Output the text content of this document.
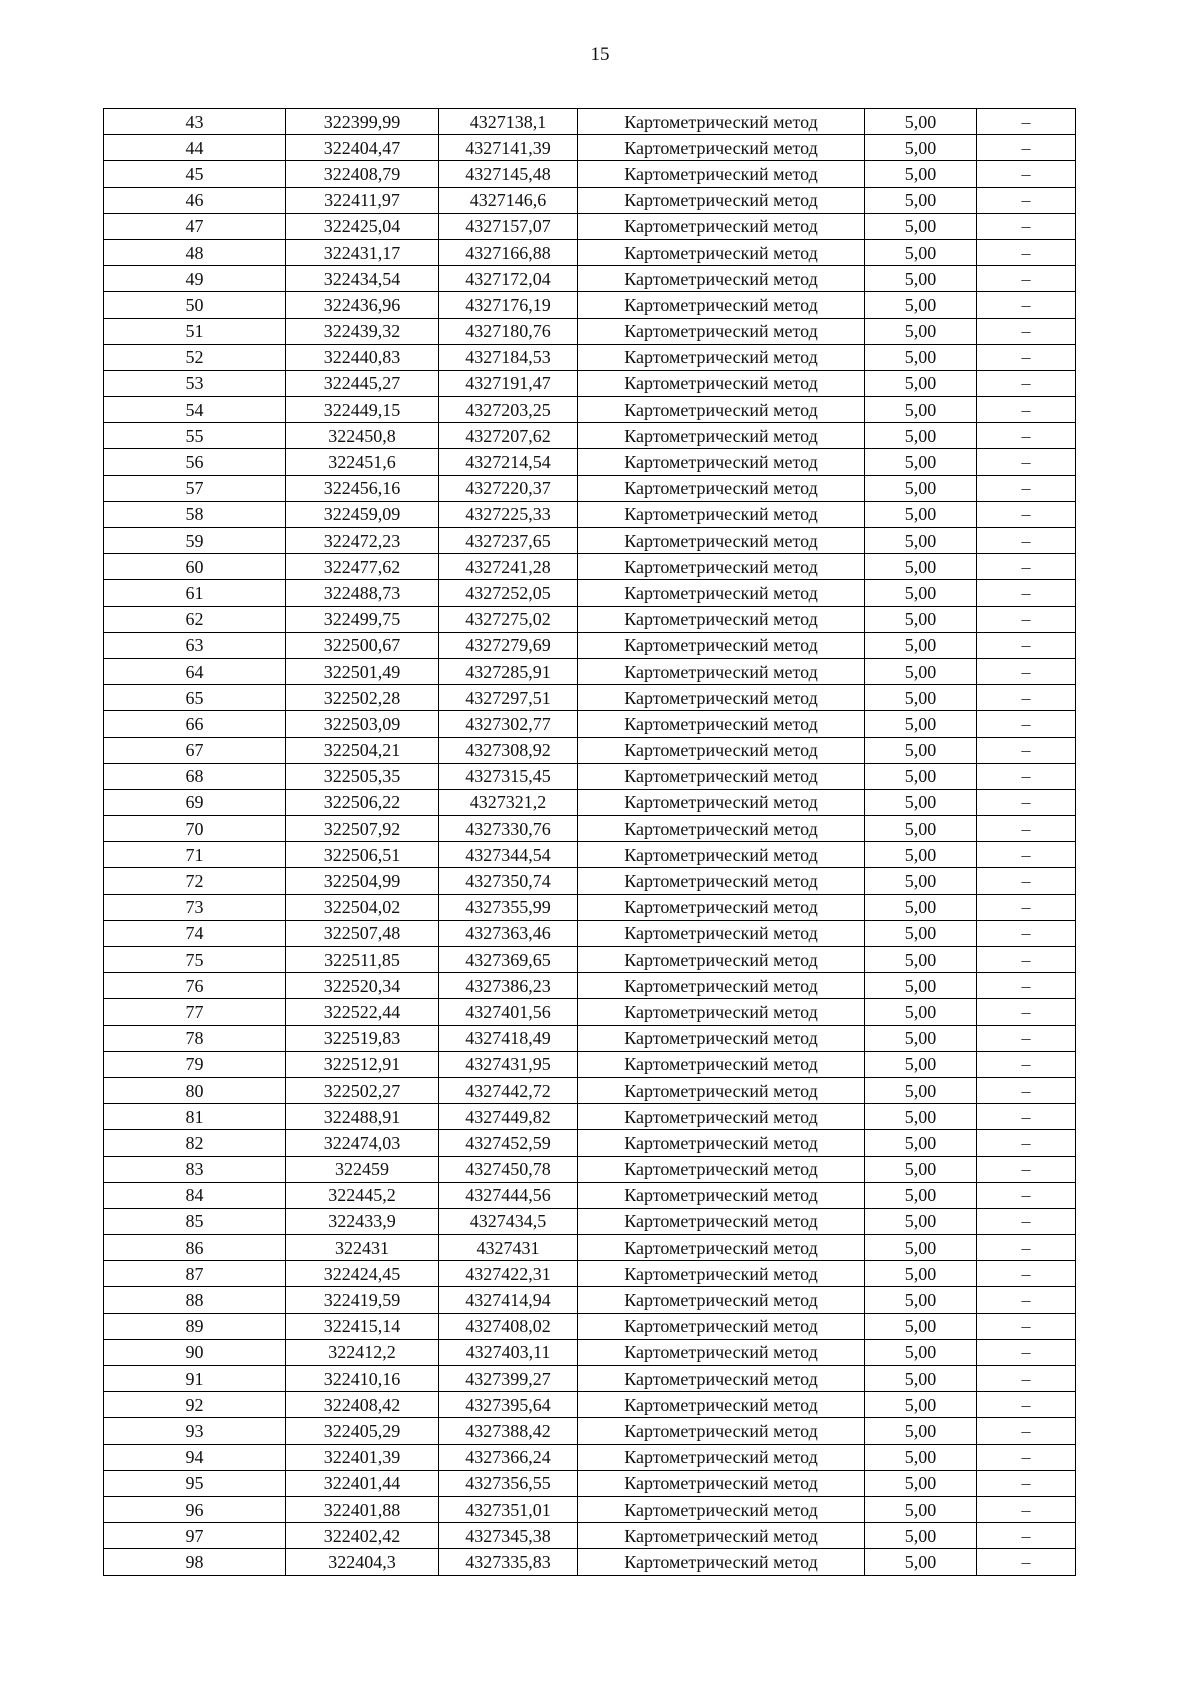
15
43	322399,99	4327138,1	Картометрический метод	5,00	–
44	322404,47	4327141,39	Картометрический метод	5,00	–
45	322408,79	4327145,48	Картометрический метод	5,00	–
46	322411,97	4327146,6	Картометрический метод	5,00	–
47	322425,04	4327157,07	Картометрический метод	5,00	–
48	322431,17	4327166,88	Картометрический метод	5,00	–
49	322434,54	4327172,04	Картометрический метод	5,00	–
50	322436,96	4327176,19	Картометрический метод	5,00	–
51	322439,32	4327180,76	Картометрический метод	5,00	–
52	322440,83	4327184,53	Картометрический метод	5,00	–
53	322445,27	4327191,47	Картометрический метод	5,00	–
54	322449,15	4327203,25	Картометрический метод	5,00	–
55	322450,8	4327207,62	Картометрический метод	5,00	–
56	322451,6	4327214,54	Картометрический метод	5,00	–
57	322456,16	4327220,37	Картометрический метод	5,00	–
58	322459,09	4327225,33	Картометрический метод	5,00	–
59	322472,23	4327237,65	Картометрический метод	5,00	–
60	322477,62	4327241,28	Картометрический метод	5,00	–
61	322488,73	4327252,05	Картометрический метод	5,00	–
62	322499,75	4327275,02	Картометрический метод	5,00	–
63	322500,67	4327279,69	Картометрический метод	5,00	–
64	322501,49	4327285,91	Картометрический метод	5,00	–
65	322502,28	4327297,51	Картометрический метод	5,00	–
66	322503,09	4327302,77	Картометрический метод	5,00	–
67	322504,21	4327308,92	Картометрический метод	5,00	–
68	322505,35	4327315,45	Картометрический метод	5,00	–
69	322506,22	4327321,2	Картометрический метод	5,00	–
70	322507,92	4327330,76	Картометрический метод	5,00	–
71	322506,51	4327344,54	Картометрический метод	5,00	–
72	322504,99	4327350,74	Картометрический метод	5,00	–
73	322504,02	4327355,99	Картометрический метод	5,00	–
74	322507,48	4327363,46	Картометрический метод	5,00	–
75	322511,85	4327369,65	Картометрический метод	5,00	–
76	322520,34	4327386,23	Картометрический метод	5,00	–
77	322522,44	4327401,56	Картометрический метод	5,00	–
78	322519,83	4327418,49	Картометрический метод	5,00	–
79	322512,91	4327431,95	Картометрический метод	5,00	–
80	322502,27	4327442,72	Картометрический метод	5,00	–
81	322488,91	4327449,82	Картометрический метод	5,00	–
82	322474,03	4327452,59	Картометрический метод	5,00	–
83	322459	4327450,78	Картометрический метод	5,00	–
84	322445,2	4327444,56	Картометрический метод	5,00	–
85	322433,9	4327434,5	Картометрический метод	5,00	–
86	322431	4327431	Картометрический метод	5,00	–
87	322424,45	4327422,31	Картометрический метод	5,00	–
88	322419,59	4327414,94	Картометрический метод	5,00	–
89	322415,14	4327408,02	Картометрический метод	5,00	–
90	322412,2	4327403,11	Картометрический метод	5,00	–
91	322410,16	4327399,27	Картометрический метод	5,00	–
92	322408,42	4327395,64	Картометрический метод	5,00	–
93	322405,29	4327388,42	Картометрический метод	5,00	–
94	322401,39	4327366,24	Картометрический метод	5,00	–
95	322401,44	4327356,55	Картометрический метод	5,00	–
96	322401,88	4327351,01	Картометрический метод	5,00	–
97	322402,42	4327345,38	Картометрический метод	5,00	–
98	322404,3	4327335,83	Картометрический метод	5,00	–
